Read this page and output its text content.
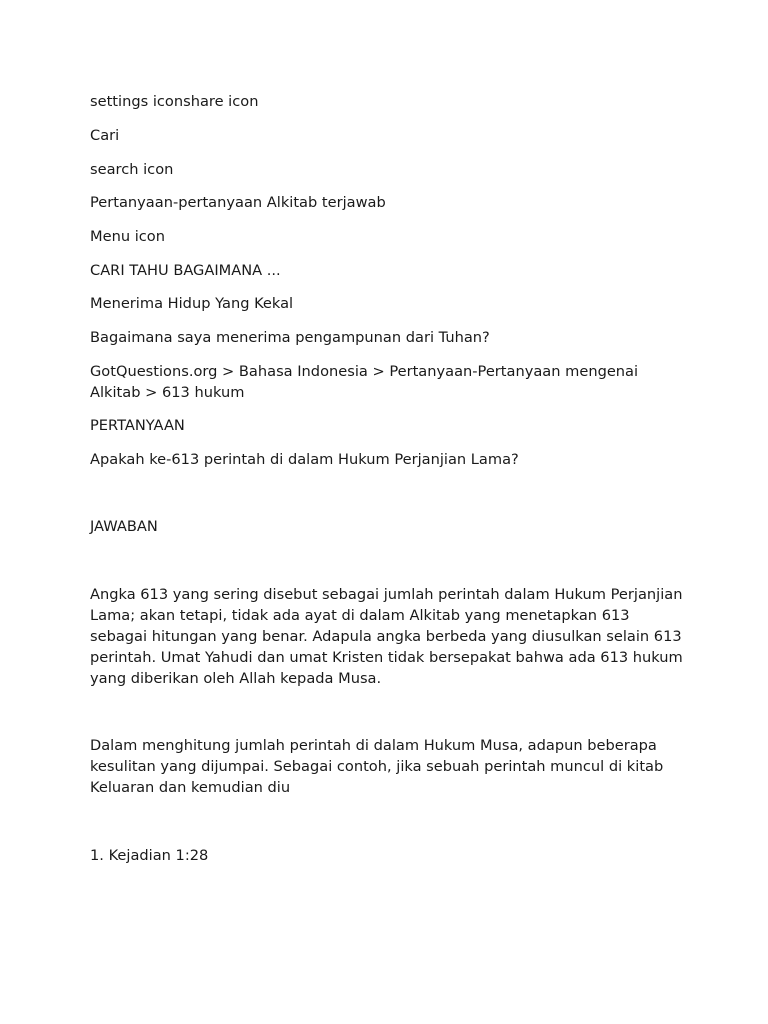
settings iconshare icon
Cari
search icon
Pertanyaan-pertanyaan Alkitab terjawab
Menu icon
CARI TAHU BAGAIMANA ...
Menerima Hidup Yang Kekal
Bagaimana saya menerima pengampunan dari Tuhan?
GotQuestions.org > Bahasa Indonesia > Pertanyaan-Pertanyaan mengenai Alkitab > 613 hukum
PERTANYAAN
Apakah ke-613 perintah di dalam Hukum Perjanjian Lama?
JAWABAN
Angka 613 yang sering disebut sebagai jumlah perintah dalam Hukum Perjanjian Lama; akan tetapi, tidak ada ayat di dalam Alkitab yang menetapkan 613 sebagai hitungan yang benar. Adapula angka berbeda yang diusulkan selain 613 perintah. Umat Yahudi dan umat Kristen tidak bersepakat bahwa ada 613 hukum yang diberikan oleh Allah kepada Musa.
Dalam menghitung jumlah perintah di dalam Hukum Musa, adapun beberapa kesulitan yang dijumpai. Sebagai contoh, jika sebuah perintah muncul di kitab Keluaran dan kemudian diu
1. Kejadian 1:28
